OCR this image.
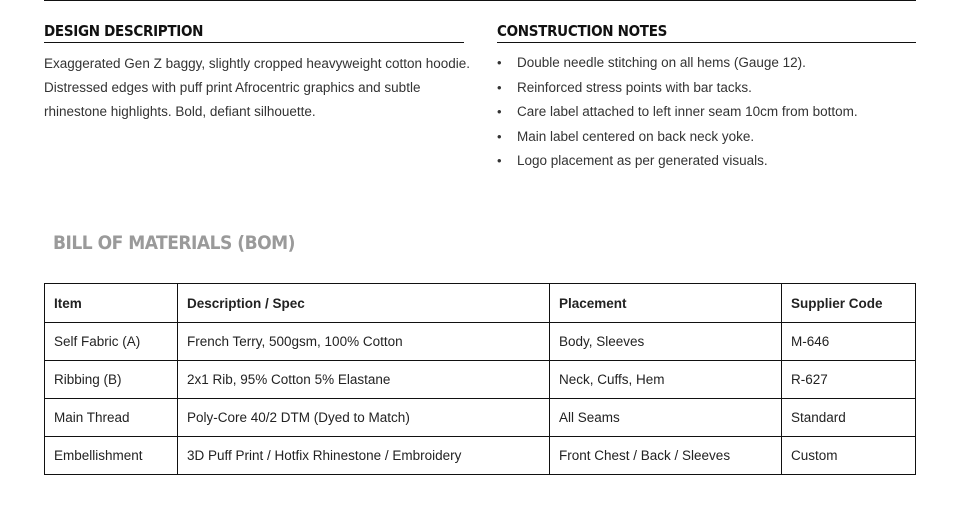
DESIGN DESCRIPTION
Exaggerated Gen Z baggy, slightly cropped heavyweight cotton hoodie. Distressed edges with puff print Afrocentric graphics and subtle rhinestone highlights. Bold, defiant silhouette.
CONSTRUCTION NOTES
• Double needle stitching on all hems (Gauge 12).
• Reinforced stress points with bar tacks.
• Care label attached to left inner seam 10cm from bottom.
• Main label centered on back neck yoke.
• Logo placement as per generated visuals.
BILL OF MATERIALS (BOM)
Item	Description / Spec	Placement	Supplier Code
Self Fabric (A)	French Terry, 500gsm, 100% Cotton	Body, Sleeves	M-646
Ribbing (B)	2x1 Rib, 95% Cotton 5% Elastane	Neck, Cuffs, Hem	R-627
Main Thread	Poly-Core 40/2 DTM (Dyed to Match)	All Seams	Standard
Embellishment	3D Puff Print / Hotfix Rhinestone / Embroidery	Front Chest / Back / Sleeves	Custom
